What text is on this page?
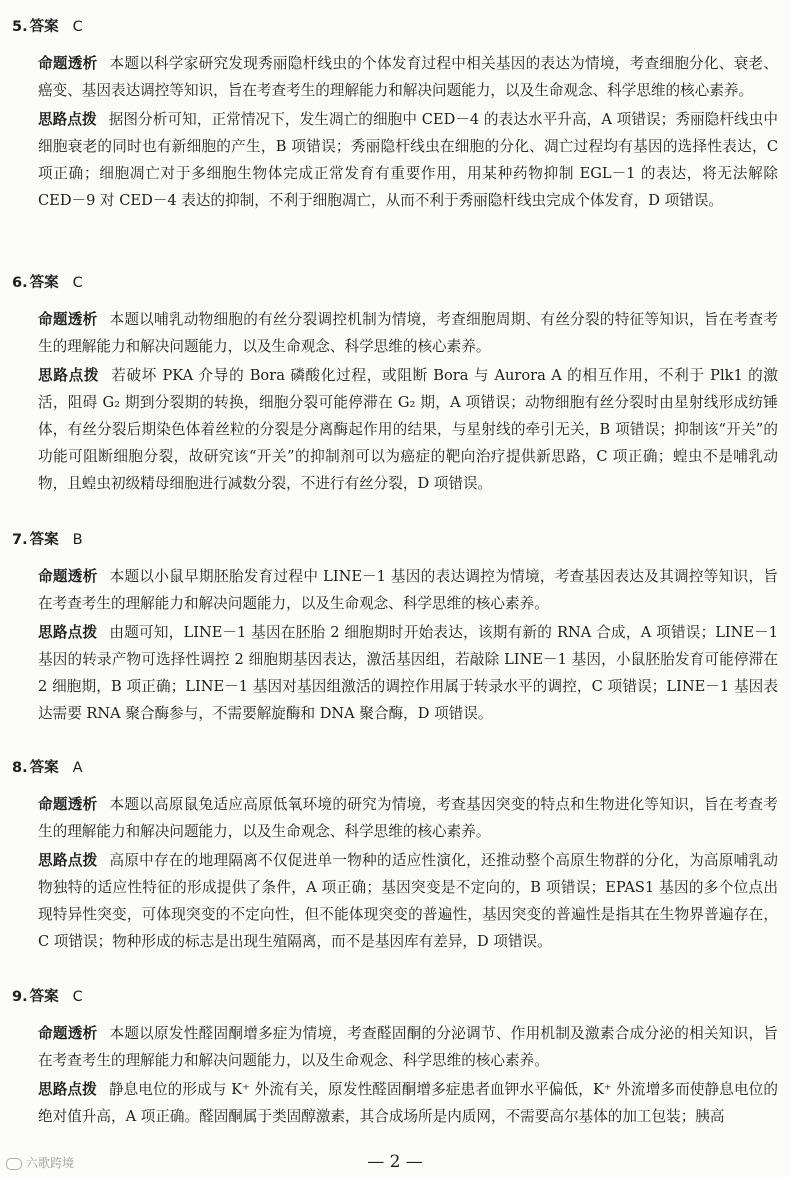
5. 答案 C
命题透析 本题以科学家研究发现秀丽隐杆线虫的个体发育过程中相关基因的表达为情境，考查细胞分化、衰老、癌变、基因表达调控等知识，旨在考查考生的理解能力和解决问题能力，以及生命观念、科学思维的核心素养。
思路点拨 据图分析可知，正常情况下，发生凋亡的细胞中 CED－4 的表达水平升高，A 项错误；秀丽隐杆线虫中细胞衰老的同时也有新细胞的产生，B 项错误；秀丽隐杆线虫在细胞的分化、凋亡过程均有基因的选择性表达，C 项正确；细胞凋亡对于多细胞生物体完成正常发育有重要作用，用某种药物抑制 EGL－1 的表达，将无法解除 CED－9 对 CED－4 表达的抑制，不利于细胞凋亡，从而不利于秀丽隐杆线虫完成个体发育，D 项错误。
6. 答案 C
命题透析 本题以哺乳动物细胞的有丝分裂调控机制为情境，考查细胞周期、有丝分裂的特征等知识，旨在考查考生的理解能力和解决问题能力，以及生命观念、科学思维的核心素养。
思路点拨 若破坏 PKA 介导的 Bora 磷酸化过程，或阻断 Bora 与 Aurora A 的相互作用，不利于 Plk1 的激活，阻碍 G₂ 期到分裂期的转换，细胞分裂可能停滞在 G₂ 期，A 项错误；动物细胞有丝分裂时由星射线形成纺锤体，有丝分裂后期染色体着丝粒的分裂是分离酶起作用的结果，与星射线的牵引无关，B 项错误；抑制该“开关”的功能可阻断细胞分裂，故研究该“开关”的抑制剂可以为癌症的靶向治疗提供新思路，C 项正确；蝗虫不是哺乳动物，且蝗虫初级精母细胞进行减数分裂，不进行有丝分裂，D 项错误。
7. 答案 B
命题透析 本题以小鼠早期胚胎发育过程中 LINE－1 基因的表达调控为情境，考查基因表达及其调控等知识，旨在考查考生的理解能力和解决问题能力，以及生命观念、科学思维的核心素养。
思路点拨 由题可知，LINE－1 基因在胚胎 2 细胞期时开始表达，该期有新的 RNA 合成，A 项错误；LINE－1 基因的转录产物可选择性调控 2 细胞期基因表达，激活基因组，若敲除 LINE－1 基因，小鼠胚胎发育可能停滞在 2 细胞期，B 项正确；LINE－1 基因对基因组激活的调控作用属于转录水平的调控，C 项错误；LINE－1 基因表达需要 RNA 聚合酶参与，不需要解旋酶和 DNA 聚合酶，D 项错误。
8. 答案 A
命题透析 本题以高原鼠兔适应高原低氧环境的研究为情境，考查基因突变的特点和生物进化等知识，旨在考查考生的理解能力和解决问题能力，以及生命观念、科学思维的核心素养。
思路点拨 高原中存在的地理隔离不仅促进单一物种的适应性演化，还推动整个高原生物群的分化，为高原哺乳动物独特的适应性特征的形成提供了条件，A 项正确；基因突变是不定向的，B 项错误；EPAS1 基因的多个位点出现特异性突变，可体现突变的不定向性，但不能体现突变的普遍性，基因突变的普遍性是指其在生物界普遍存在，C 项错误；物种形成的标志是出现生殖隔离，而不是基因库有差异，D 项错误。
9. 答案 C
命题透析 本题以原发性醛固酮增多症为情境，考查醛固酮的分泌调节、作用机制及激素合成分泌的相关知识，旨在考查考生的理解能力和解决问题能力，以及生命观念、科学思维的核心素养。
思路点拨 静息电位的形成与 K⁺ 外流有关，原发性醛固酮增多症患者血钾水平偏低，K⁺ 外流增多而使静息电位的绝对值升高，A 项正确。醛固酮属于类固醇激素，其合成场所是内质网，不需要高尔基体的加工包装；胰高
— 2 —
六歌跨境
